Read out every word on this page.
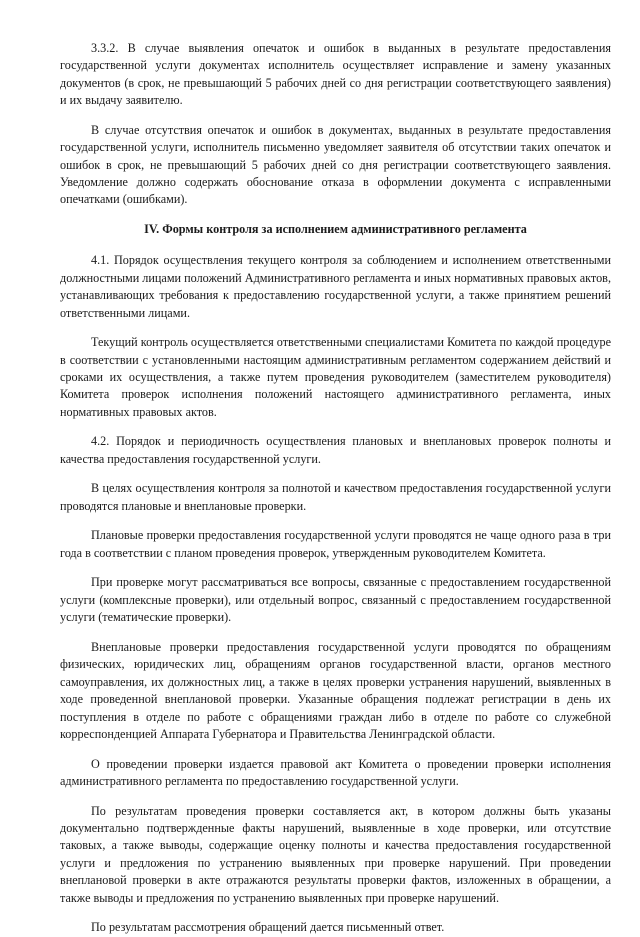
3.3.2. В случае выявления опечаток и ошибок в выданных в результате предоставления государственной услуги документах исполнитель осуществляет исправление и замену указанных документов (в срок, не превышающий 5 рабочих дней со дня регистрации соответствующего заявления) и их выдачу заявителю.

В случае отсутствия опечаток и ошибок в документах, выданных в результате предоставления государственной услуги, исполнитель письменно уведомляет заявителя об отсутствии таких опечаток и ошибок в срок, не превышающий 5 рабочих дней со дня регистрации соответствующего заявления. Уведомление должно содержать обоснование отказа в оформлении документа с исправленными опечатками (ошибками).

IV. Формы контроля за исполнением административного регламента

4.1. Порядок осуществления текущего контроля за соблюдением и исполнением ответственными должностными лицами положений Административного регламента и иных нормативных правовых актов, устанавливающих требования к предоставлению государственной услуги, а также принятием решений ответственными лицами.

Текущий контроль осуществляется ответственными специалистами Комитета по каждой процедуре в соответствии с установленными настоящим административным регламентом содержанием действий и сроками их осуществления, а также путем проведения руководителем (заместителем руководителя) Комитета проверок исполнения положений настоящего административного регламента, иных нормативных правовых актов.

4.2. Порядок и периодичность осуществления плановых и внеплановых проверок полноты и качества предоставления государственной услуги.

В целях осуществления контроля за полнотой и качеством предоставления государственной услуги проводятся плановые и внеплановые проверки.

Плановые проверки предоставления государственной услуги проводятся не чаще одного раза в три года в соответствии с планом проведения проверок, утвержденным руководителем Комитета.

При проверке могут рассматриваться все вопросы, связанные с предоставлением государственной услуги (комплексные проверки), или отдельный вопрос, связанный с предоставлением государственной услуги (тематические проверки).

Внеплановые проверки предоставления государственной услуги проводятся по обращениям физических, юридических лиц, обращениям органов государственной власти, органов местного самоуправления, их должностных лиц, а также в целях проверки устранения нарушений, выявленных в ходе проведенной внеплановой проверки. Указанные обращения подлежат регистрации в день их поступления в отделе по работе с обращениями граждан либо в отделе по работе со служебной корреспонденцией Аппарата Губернатора и Правительства Ленинградской области.

О проведении проверки издается правовой акт Комитета о проведении проверки исполнения административного регламента по предоставлению государственной услуги.

По результатам проведения проверки составляется акт, в котором должны быть указаны документально подтвержденные факты нарушений, выявленные в ходе проверки, или отсутствие таковых, а также выводы, содержащие оценку полноты и качества предоставления государственной услуги и предложения по устранению выявленных при проверке нарушений. При проведении внеплановой проверки в акте отражаются результаты проверки фактов, изложенных в обращении, а также выводы и предложения по устранению выявленных при проверке нарушений.

По результатам рассмотрения обращений дается письменный ответ.
